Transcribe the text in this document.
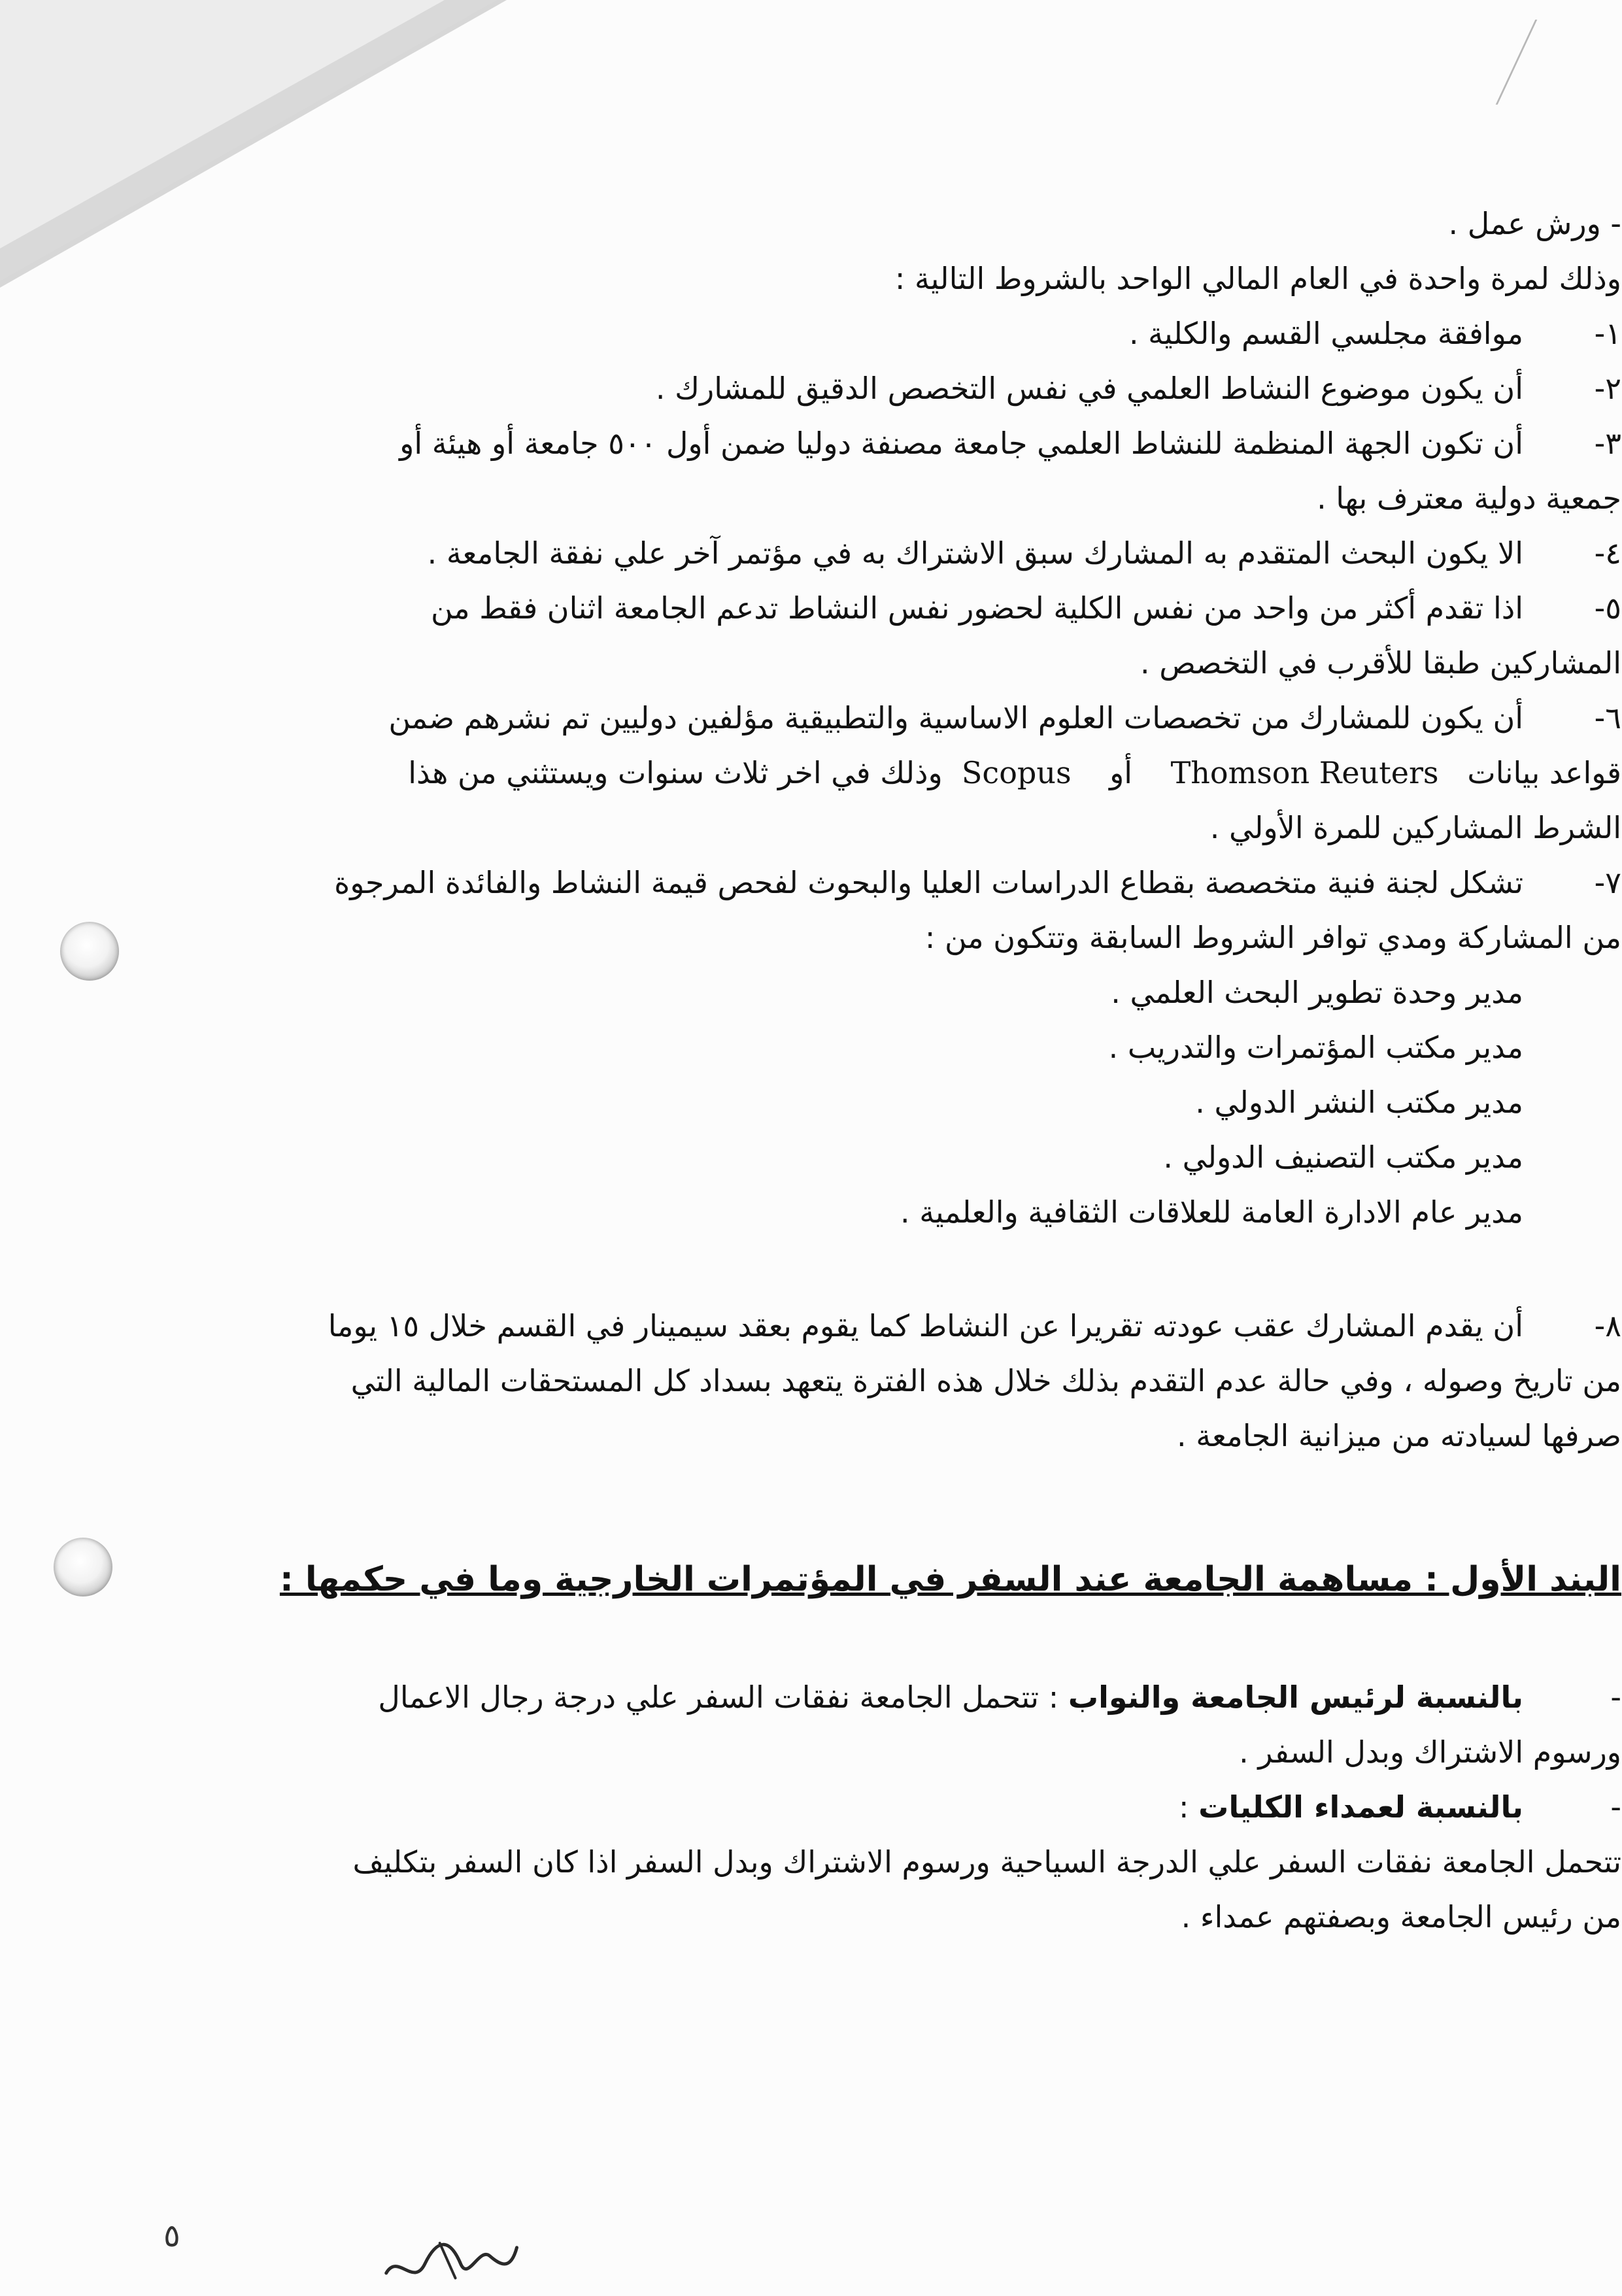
- ورش عمل .
وذلك لمرة واحدة في العام المالي الواحد بالشروط التالية :
١-موافقة مجلسي القسم والكلية .
٢-أن يكون موضوع النشاط العلمي في نفس التخصص الدقيق للمشارك .
٣-أن تكون الجهة المنظمة للنشاط العلمي جامعة مصنفة دوليا ضمن أول ٥٠٠ جامعة أو هيئة أو
جمعية دولية معترف بها .
٤-الا يكون البحث المتقدم به المشارك سبق الاشتراك به في مؤتمر آخر علي نفقة الجامعة .
٥-اذا تقدم أكثر من واحد من نفس الكلية لحضور نفس النشاط تدعم الجامعة اثنان فقط من
المشاركين طبقا للأقرب في التخصص .
٦-أن يكون للمشارك من تخصصات العلوم الاساسية والتطبيقية مؤلفين دوليين تم نشرهم ضمن
قواعد بيانات   Thomson Reuters    أو    Scopus  وذلك في اخر ثلاث سنوات ويستثني من هذا
الشرط المشاركين للمرة الأولي .
٧-تشكل لجنة فنية متخصصة بقطاع الدراسات العليا والبحوث لفحص قيمة النشاط والفائدة المرجوة
من المشاركة ومدي توافر الشروط السابقة وتتكون من :
مدير وحدة تطوير البحث العلمي .
مدير مكتب المؤتمرات والتدريب .
مدير مكتب النشر الدولي .
مدير مكتب التصنيف الدولي .
مدير عام الادارة العامة للعلاقات الثقافية والعلمية .
٨-أن يقدم المشارك عقب عودته تقريرا عن النشاط كما يقوم بعقد سيمينار في القسم خلال ١٥ يوما
من تاريخ وصوله ، وفي حالة عدم التقدم بذلك خلال هذه الفترة يتعهد بسداد كل المستحقات المالية التي
صرفها لسيادته من ميزانية الجامعة .
البند الأول : مساهمة الجامعة عند السفر في المؤتمرات الخارجية وما في حكمها :
-بالنسبة لرئيس الجامعة والنواب : تتحمل الجامعة نفقات السفر علي درجة رجال الاعمال
ورسوم الاشتراك وبدل السفر .
-بالنسبة لعمداء الكليات :
تتحمل الجامعة نفقات السفر علي الدرجة السياحية ورسوم الاشتراك وبدل السفر اذا كان السفر بتكليف
من رئيس الجامعة وبصفتهم عمداء .
٥
